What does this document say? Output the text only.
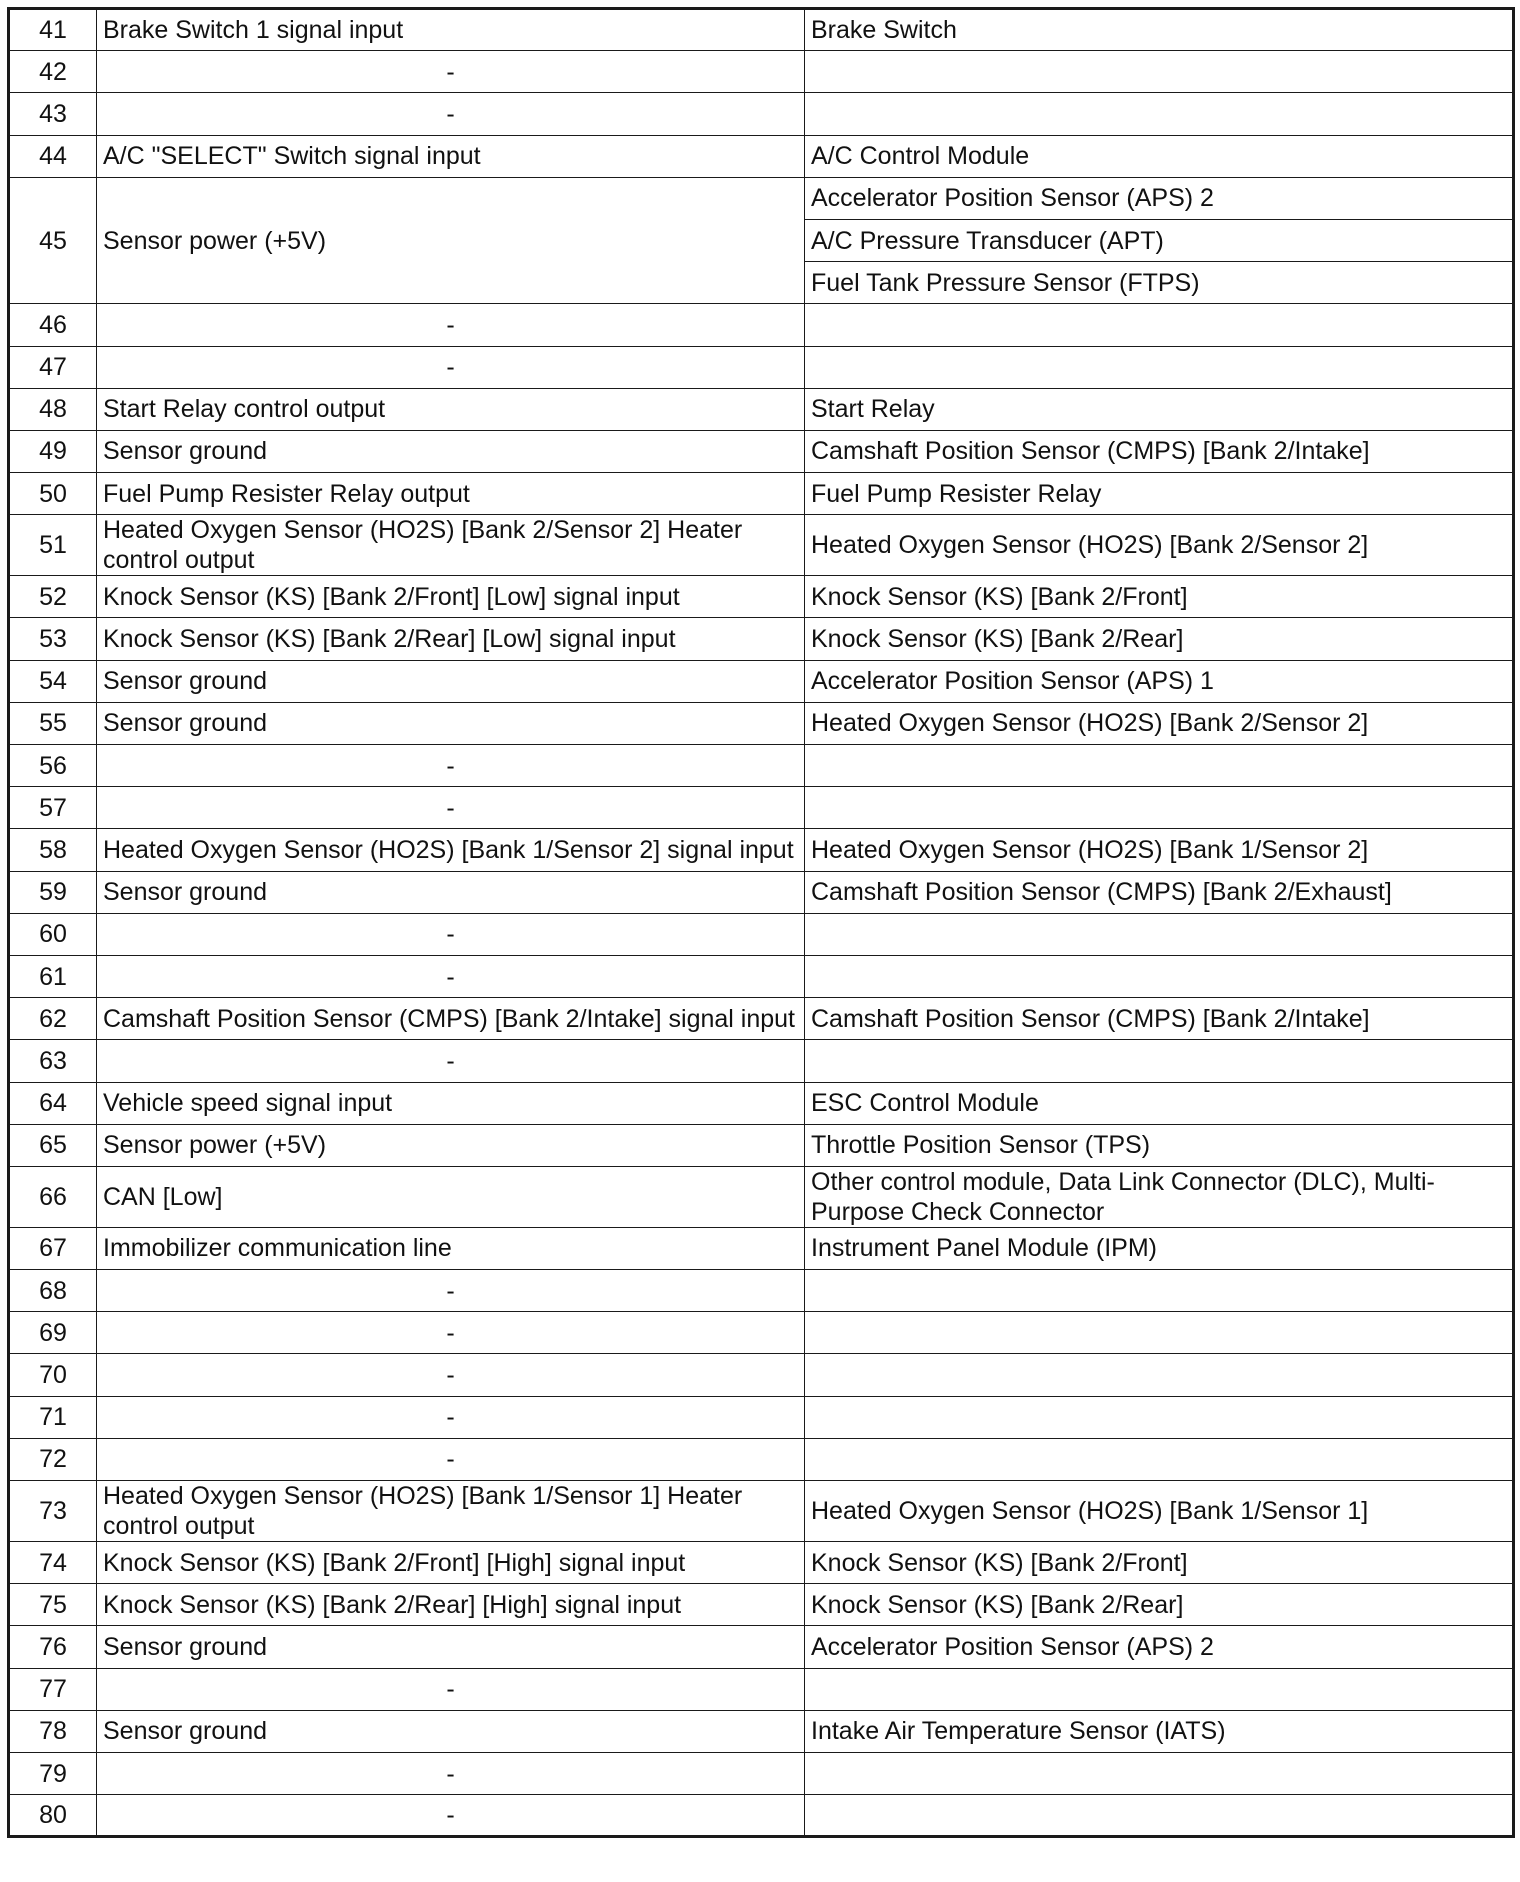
41	Brake Switch 1 signal input	Brake Switch
42	-	
43	-	
44	A/C "SELECT" Switch signal input	A/C Control Module
45	Sensor power (+5V)	Accelerator Position Sensor (APS) 2
		A/C Pressure Transducer (APT)
		Fuel Tank Pressure Sensor (FTPS)
46	-	
47	-	
48	Start Relay control output	Start Relay
49	Sensor ground	Camshaft Position Sensor (CMPS) [Bank 2/Intake]
50	Fuel Pump Resister Relay output	Fuel Pump Resister Relay
51	Heated Oxygen Sensor (HO2S) [Bank 2/Sensor 2] Heater control output	Heated Oxygen Sensor (HO2S) [Bank 2/Sensor 2]
52	Knock Sensor (KS) [Bank 2/Front] [Low] signal input	Knock Sensor (KS) [Bank 2/Front]
53	Knock Sensor (KS) [Bank 2/Rear] [Low] signal input	Knock Sensor (KS) [Bank 2/Rear]
54	Sensor ground	Accelerator Position Sensor (APS) 1
55	Sensor ground	Heated Oxygen Sensor (HO2S) [Bank 2/Sensor 2]
56	-	
57	-	
58	Heated Oxygen Sensor (HO2S) [Bank 1/Sensor 2] signal input	Heated Oxygen Sensor (HO2S) [Bank 1/Sensor 2]
59	Sensor ground	Camshaft Position Sensor (CMPS) [Bank 2/Exhaust]
60	-	
61	-	
62	Camshaft Position Sensor (CMPS) [Bank 2/Intake] signal input	Camshaft Position Sensor (CMPS) [Bank 2/Intake]
63	-	
64	Vehicle speed signal input	ESC Control Module
65	Sensor power (+5V)	Throttle Position Sensor (TPS)
66	CAN [Low]	Other control module, Data Link Connector (DLC), Multi-Purpose Check Connector
67	Immobilizer communication line	Instrument Panel Module (IPM)
68	-	
69	-	
70	-	
71	-	
72	-	
73	Heated Oxygen Sensor (HO2S) [Bank 1/Sensor 1] Heater control output	Heated Oxygen Sensor (HO2S) [Bank 1/Sensor 1]
74	Knock Sensor (KS) [Bank 2/Front] [High] signal input	Knock Sensor (KS) [Bank 2/Front]
75	Knock Sensor (KS) [Bank 2/Rear] [High] signal input	Knock Sensor (KS) [Bank 2/Rear]
76	Sensor ground	Accelerator Position Sensor (APS) 2
77	-	
78	Sensor ground	Intake Air Temperature Sensor (IATS)
79	-	
80	-	
